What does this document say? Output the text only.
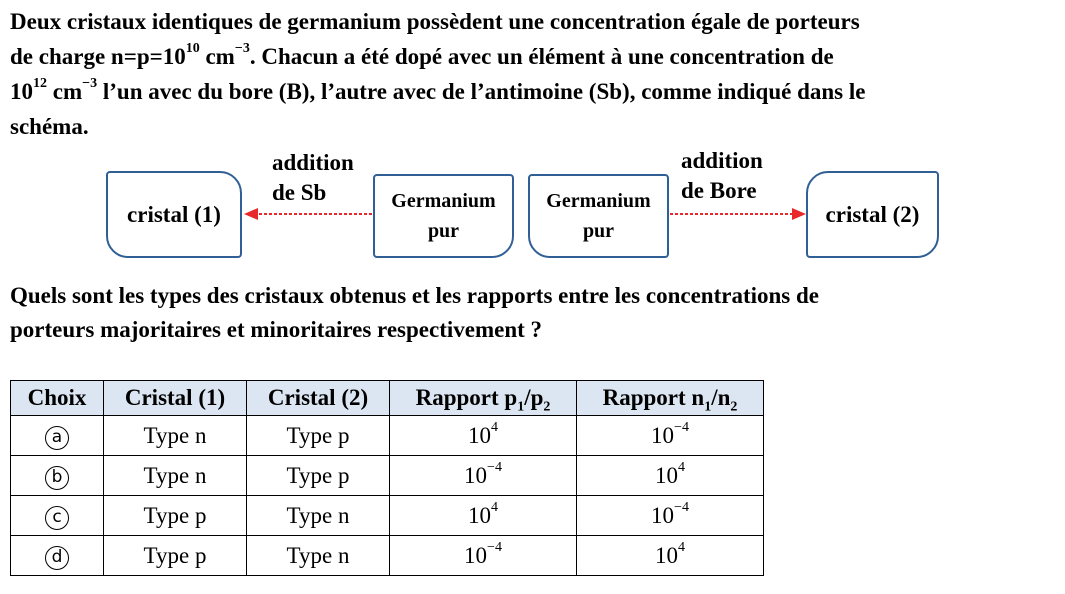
Deux cristaux identiques de germanium possèdent une concentration égale de porteurs
de charge $n=p=10^{10}$ $cm^{-3}$. Chacun a été dopé avec un élément à une concentration de
$10^{12}$ $cm^{-3}$ l’un avec du bore (B), l’autre avec de l’antimoine (Sb), comme indiqué dans le
schéma.
cristal (1)
Germanium
pur
Germanium
pur
cristal (2)
addition
de Sb
addition
de Bore
Quels sont les types des cristaux obtenus et les rapports entre les concentrations de
porteurs majoritaires et minoritaires respectivement ?
Choix	Cristal (1)	Cristal (2)	Rapport $p_1/p_2$	Rapport $n_1/n_2$
a	Type n	Type p	$10^4$	$10^{-4}$
b	Type n	Type p	$10^{-4}$	$10^4$
c	Type p	Type n	$10^4$	$10^{-4}$
d	Type p	Type n	$10^{-4}$	$10^4$
